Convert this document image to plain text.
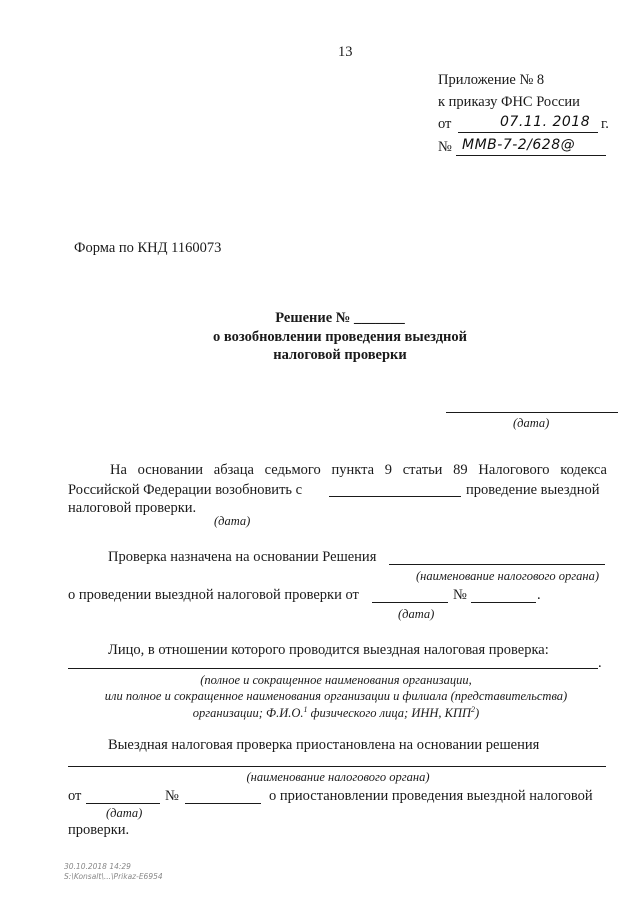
13
Приложение № 8
к приказу ФНС России
от	07.11. 2018 г.
№ ММВ-7-2/628@
Форма по КНД 1160073
Решение № _______
о возобновлении проведения выездной
налоговой проверки
(дата)
На основании абзаца седьмого пункта 9 статьи 89 Налогового кодекса
Российской Федерации возобновить с	проведение выездной
налоговой проверки.
(дата)
Проверка назначена на основании Решения
(наименование налогового органа)
о проведении выездной налоговой проверки от	№	.
(дата)
Лицо, в отношении которого проводится выездная налоговая проверка:
.
(полное и сокращенное наименования организации,
или полное и сокращенное наименования организации и филиала (представительства)
организации; Ф.И.О.$^1$ физического лица; ИНН, КПП$^2$)
Выездная налоговая проверка приостановлена на основании решения
(наименование налогового органа)
от	№	о приостановлении проведения выездной налоговой
(дата)
проверки.
30.10.2018 14:29
S:\Konsalt\...\Prikaz-E6954
